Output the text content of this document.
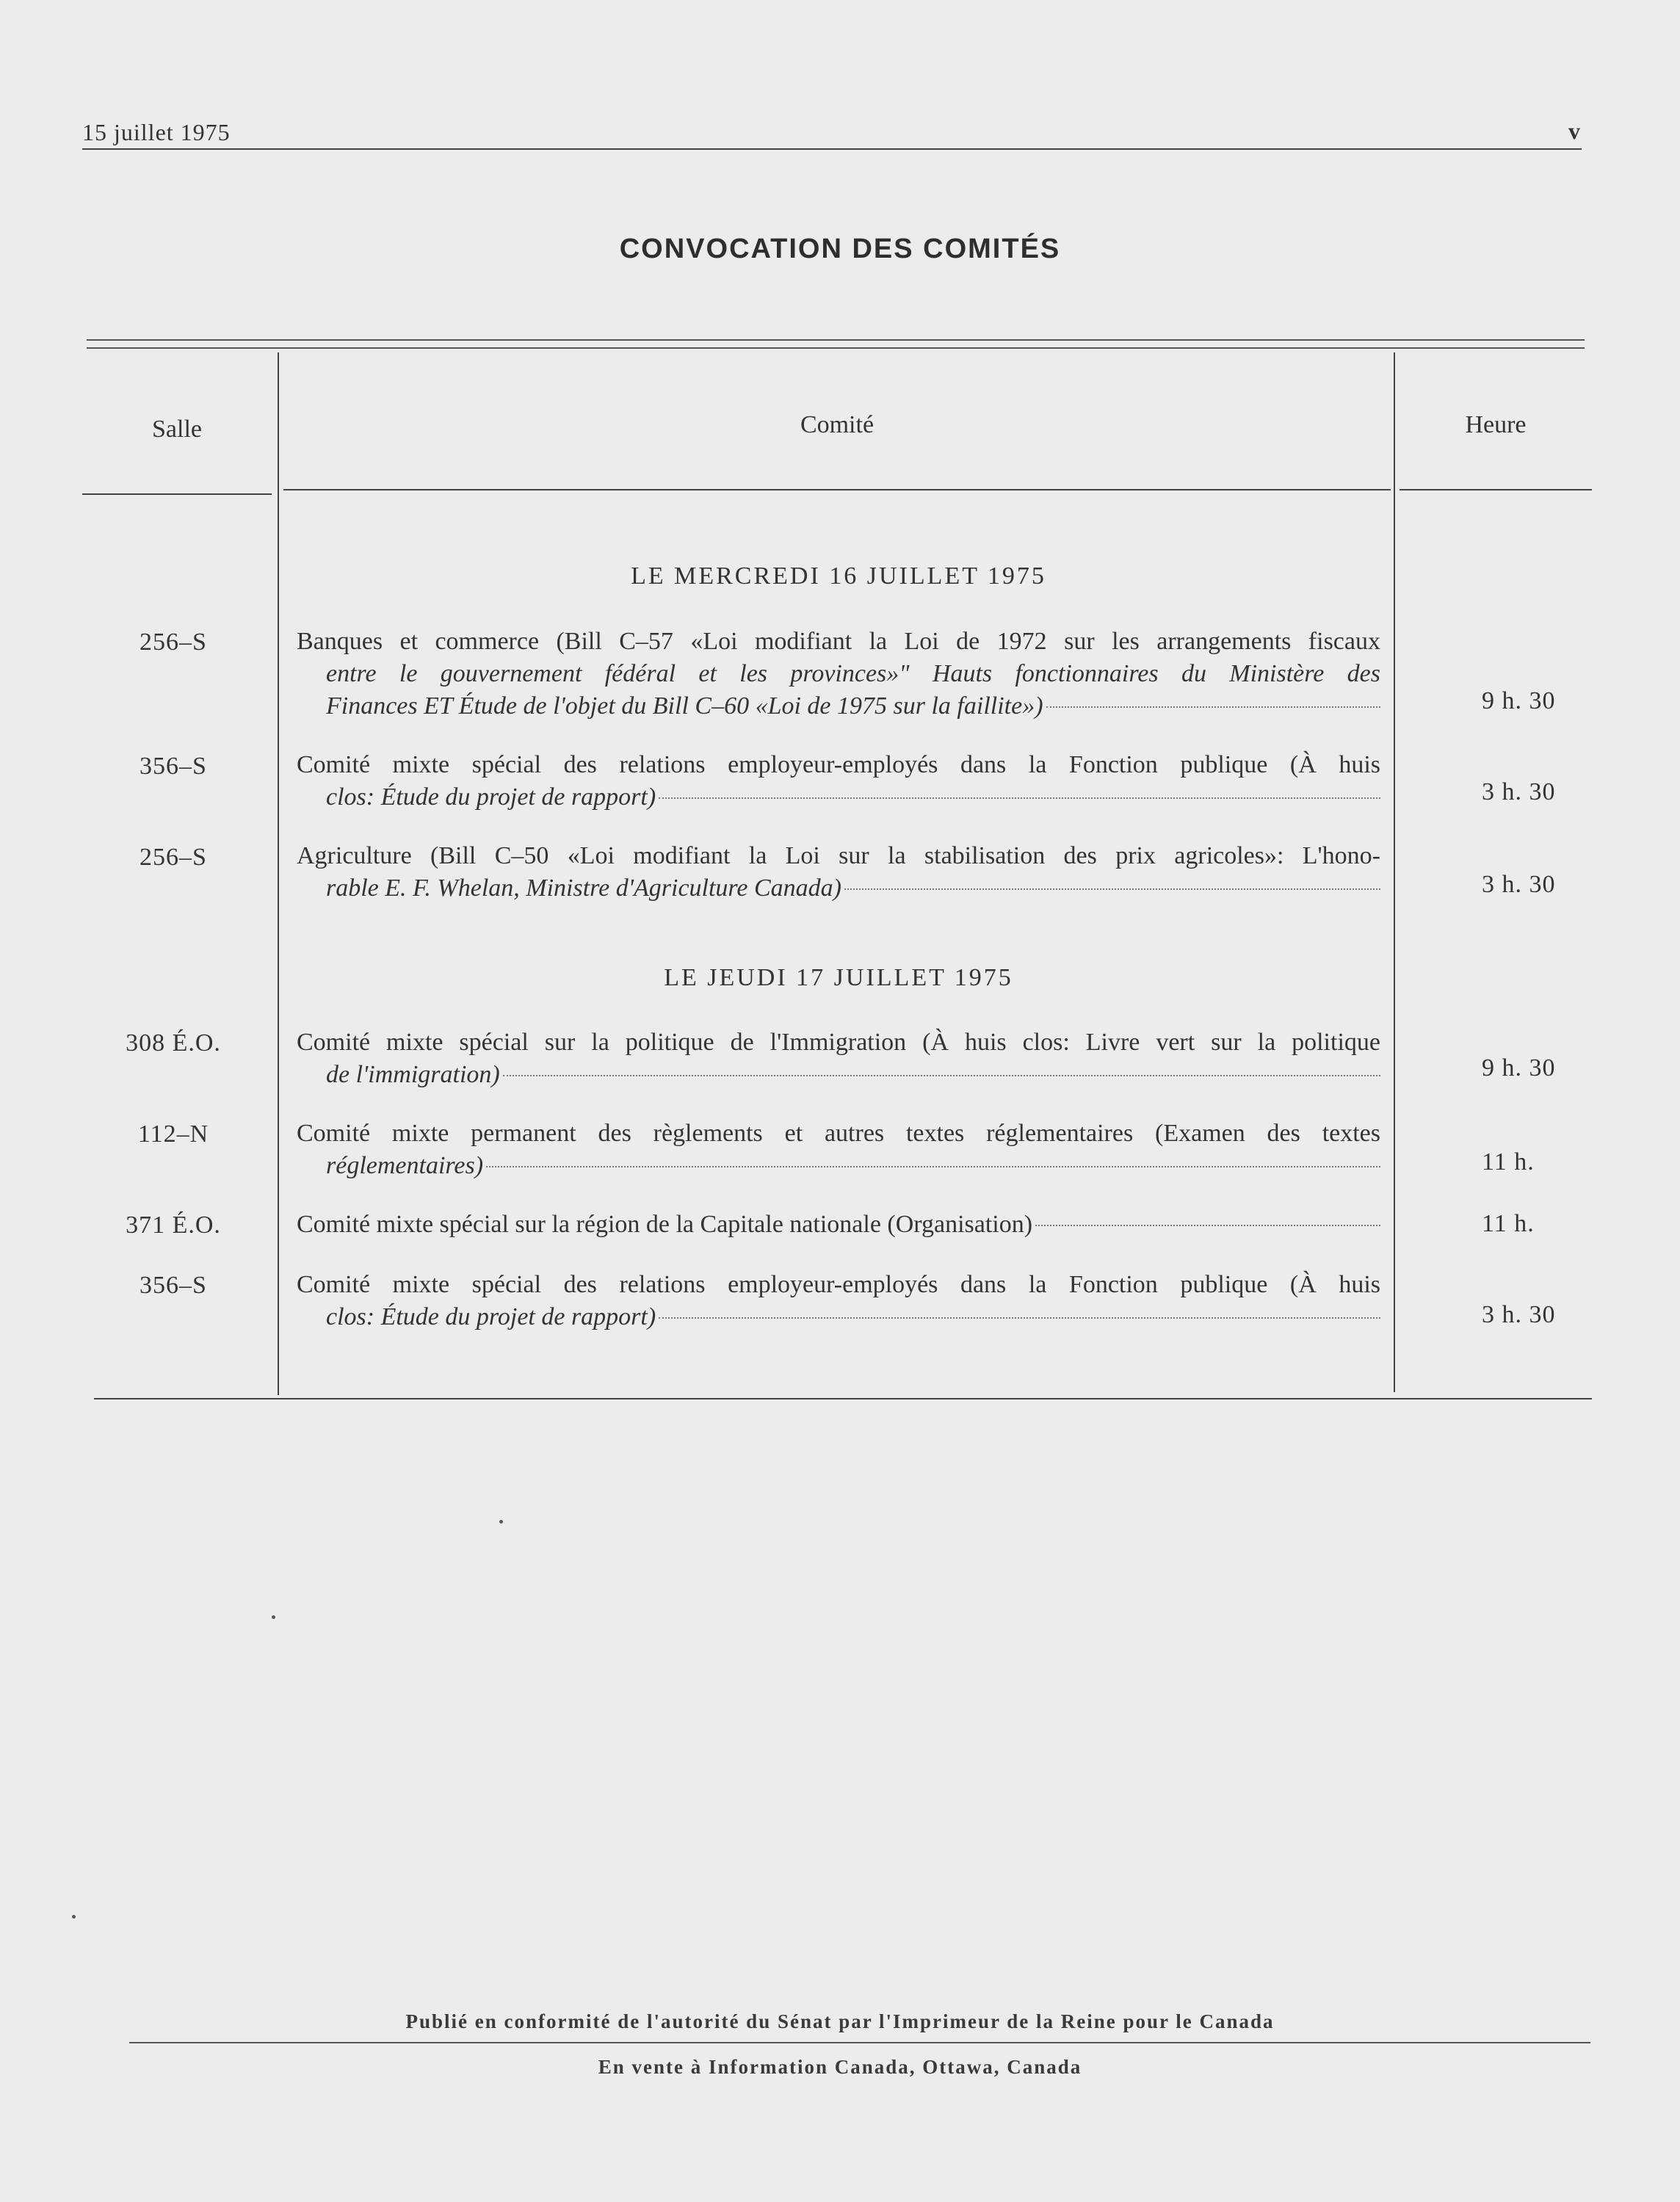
15 juillet 1975	v
CONVOCATION DES COMITÉS
Salle	Comité	Heure
LE MERCREDI 16 JUILLET 1975
LE JEUDI 17 JUILLET 1975
256–S	Banques et commerce (Bill C–57 «Loi modifiant la Loi de 1972 sur les arrangements fiscaux
entre le gouvernement fédéral et les provinces»" Hauts fonctionnaires du Ministère des
Finances ET Étude de l'objet du Bill C–60 «Loi de 1975 sur la faillite»)	9 h. 30
356–S	Comité mixte spécial des relations employeur-employés dans la Fonction publique (À huis
clos: Étude du projet de rapport)	3 h. 30
256–S	Agriculture (Bill C–50 «Loi modifiant la Loi sur la stabilisation des prix agricoles»: L'hono-
rable E. F. Whelan, Ministre d'Agriculture Canada)	3 h. 30
308 É.O.	Comité mixte spécial sur la politique de l'Immigration (À huis clos: Livre vert sur la politique
de l'immigration)	9 h. 30
112–N	Comité mixte permanent des règlements et autres textes réglementaires (Examen des textes
réglementaires)	11 h.
371 É.O.	Comité mixte spécial sur la région de la Capitale nationale (Organisation)	11 h.
356–S	Comité mixte spécial des relations employeur-employés dans la Fonction publique (À huis
clos: Étude du projet de rapport)	3 h. 30
Publié en conformité de l'autorité du Sénat par l'Imprimeur de la Reine pour le Canada
En vente à Information Canada, Ottawa, Canada
